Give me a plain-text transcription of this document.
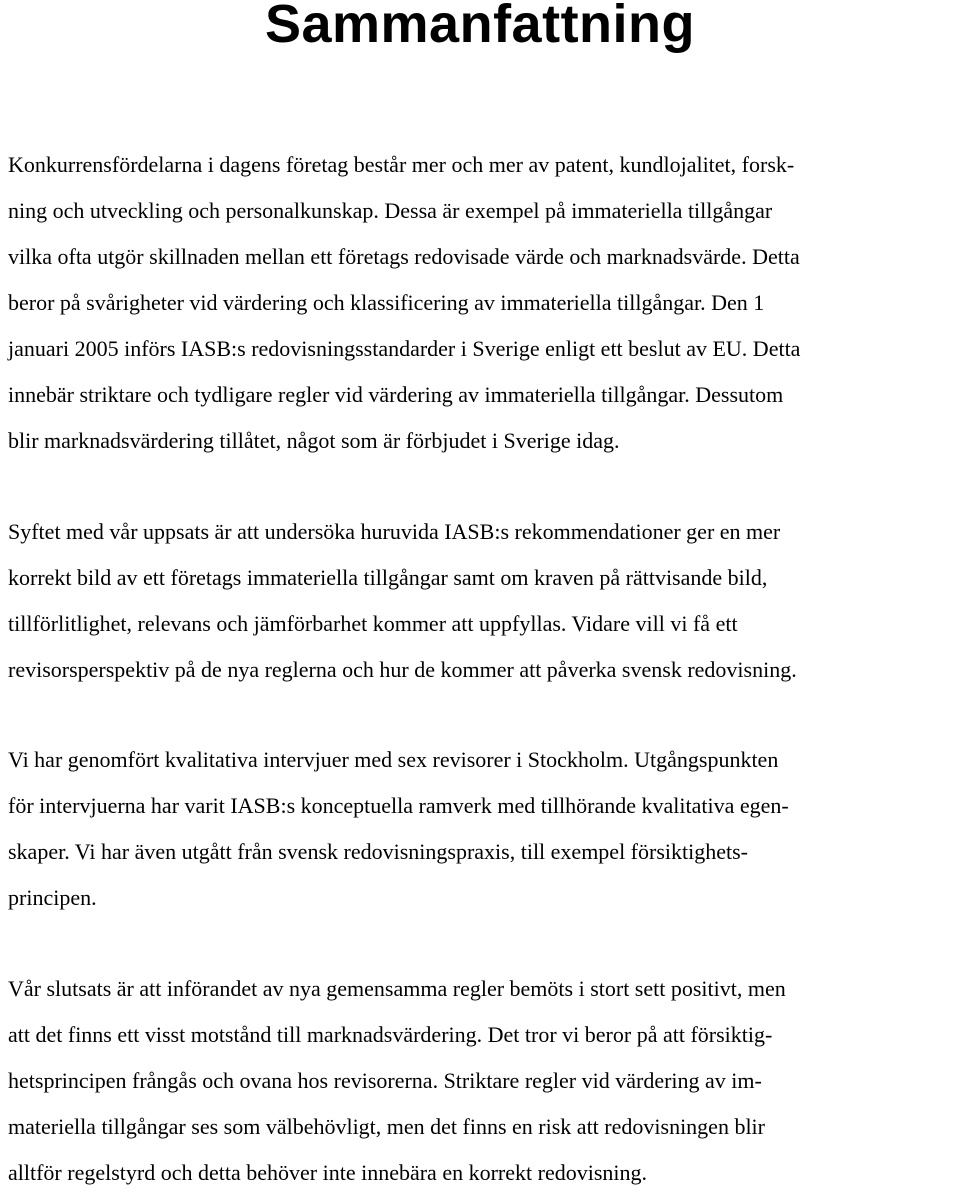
Sammanfattning

Konkurrensfördelarna i dagens företag består mer och mer av patent, kundlojalitet, forsk-
ning och utveckling och personalkunskap. Dessa är exempel på immateriella tillgångar
vilka ofta utgör skillnaden mellan ett företags redovisade värde och marknadsvärde. Detta
beror på svårigheter vid värdering och klassificering av immateriella tillgångar. Den 1
januari 2005 införs IASB:s redovisningsstandarder i Sverige enligt ett beslut av EU. Detta
innebär striktare och tydligare regler vid värdering av immateriella tillgångar. Dessutom
blir marknadsvärdering tillåtet, något som är förbjudet i Sverige idag.

Syftet med vår uppsats är att undersöka huruvida IASB:s rekommendationer ger en mer
korrekt bild av ett företags immateriella tillgångar samt om kraven på rättvisande bild,
tillförlitlighet, relevans och jämförbarhet kommer att uppfyllas. Vidare vill vi få ett
revisorsperspektiv på de nya reglerna och hur de kommer att påverka svensk redovisning.

Vi har genomfört kvalitativa intervjuer med sex revisorer i Stockholm. Utgångspunkten
för intervjuerna har varit IASB:s konceptuella ramverk med tillhörande kvalitativa egen-
skaper. Vi har även utgått från svensk redovisningspraxis, till exempel försiktighets-
principen.

Vår slutsats är att införandet av nya gemensamma regler bemöts i stort sett positivt, men
att det finns ett visst motstånd till marknadsvärdering. Det tror vi beror på att försiktig-
hetsprincipen frångås och ovana hos revisorerna. Striktare regler vid värdering av im-
materiella tillgångar ses som välbehövligt, men det finns en risk att redovisningen blir
alltför regelstyrd och detta behöver inte innebära en korrekt redovisning.
